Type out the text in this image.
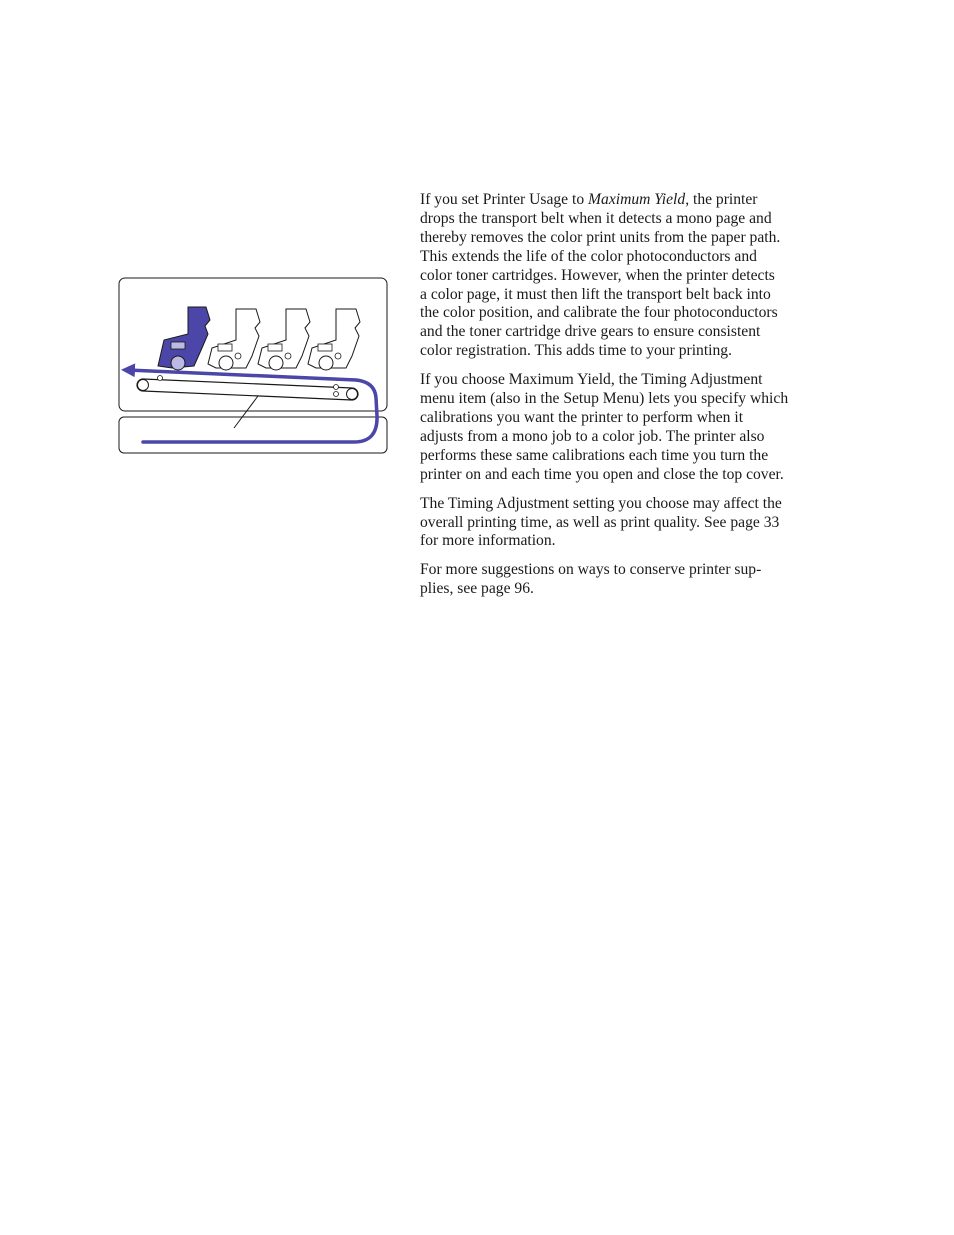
If you set Printer Usage to Maximum Yield, the printer
drops the transport belt when it detects a mono page and
thereby removes the color print units from the paper path.
This extends the life of the color photoconductors and
color toner cartridges. However, when the printer detects
a color page, it must then lift the transport belt back into
the color position, and calibrate the four photoconductors
and the toner cartridge drive gears to ensure consistent
color registration. This adds time to your printing.

If you choose Maximum Yield, the Timing Adjustment
menu item (also in the Setup Menu) lets you specify which
calibrations you want the printer to perform when it
adjusts from a mono job to a color job. The printer also
performs these same calibrations each time you turn the
printer on and each time you open and close the top cover.

The Timing Adjustment setting you choose may affect the
overall printing time, as well as print quality. See page 33
for more information.

For more suggestions on ways to conserve printer sup-
plies, see page 96.
